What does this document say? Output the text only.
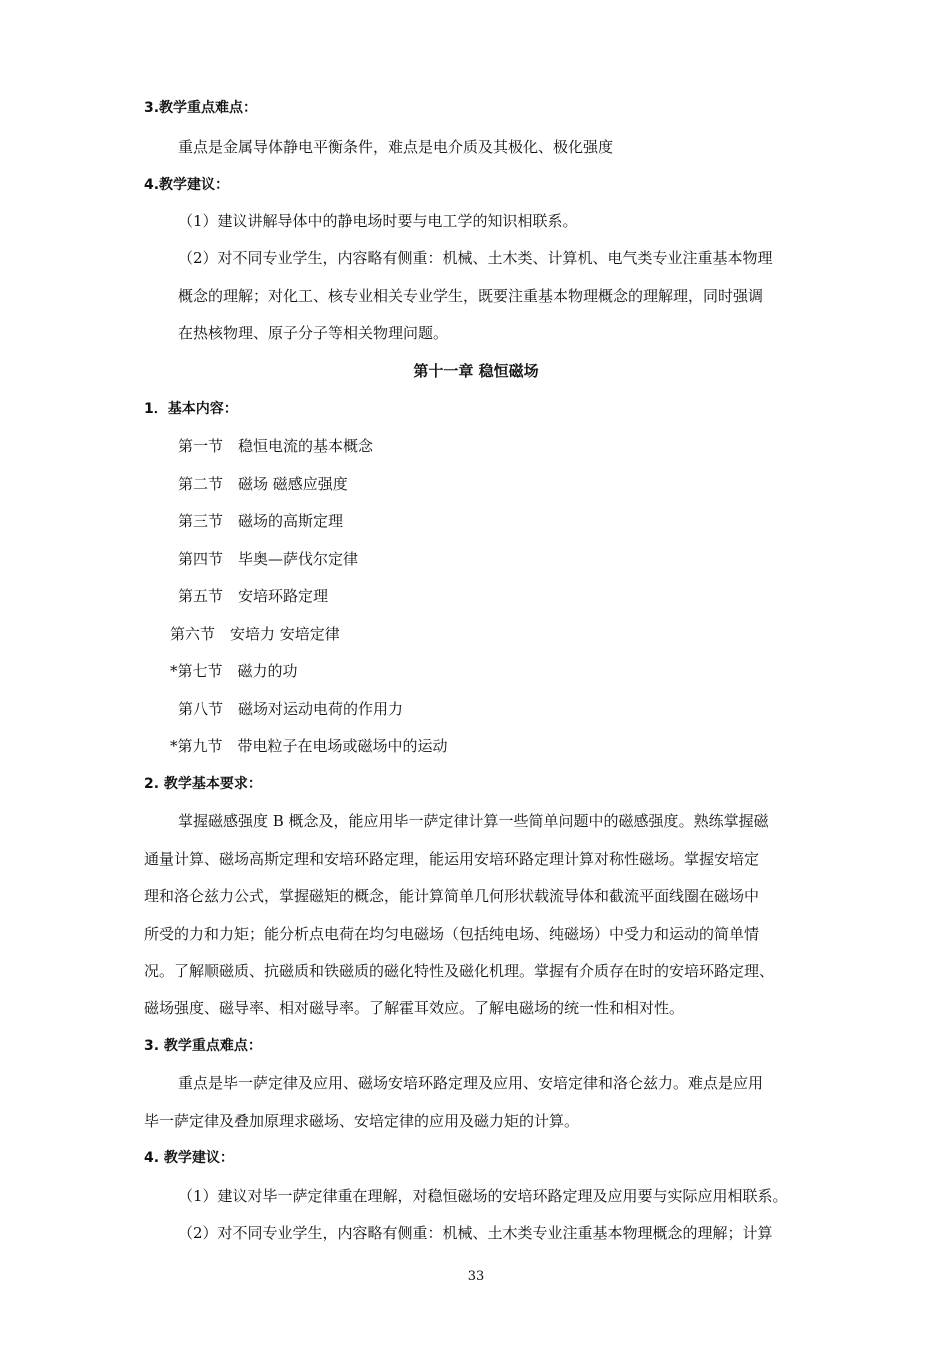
3.教学重点难点：
重点是金属导体静电平衡条件，难点是电介质及其极化、极化强度
4.教学建议：
（1）建议讲解导体中的静电场时要与电工学的知识相联系。
（2）对不同专业学生，内容略有侧重：机械、土木类、计算机、电气类专业注重基本物理
概念的理解；对化工、核专业相关专业学生，既要注重基本物理概念的理解理，同时强调
在热核物理、原子分子等相关物理问题。
第十一章 稳恒磁场
1．基本内容：
第一节　稳恒电流的基本概念
第二节　磁场 磁感应强度
第三节　磁场的高斯定理
第四节　毕奥—萨伐尔定律
第五节　安培环路定理
第六节　安培力 安培定律
*第七节　磁力的功
第八节　磁场对运动电荷的作用力
*第九节　带电粒子在电场或磁场中的运动
2. 教学基本要求：
掌握磁感强度 B 概念及，能应用毕一萨定律计算一些简单问题中的磁感强度。熟练掌握磁
通量计算、磁场高斯定理和安培环路定理，能运用安培环路定理计算对称性磁场。掌握安培定
理和洛仑兹力公式，掌握磁矩的概念，能计算简单几何形状载流导体和截流平面线圈在磁场中
所受的力和力矩；能分析点电荷在均匀电磁场（包括纯电场、纯磁场）中受力和运动的简单情
况。了解顺磁质、抗磁质和铁磁质的磁化特性及磁化机理。掌握有介质存在时的安培环路定理、
磁场强度、磁导率、相对磁导率。了解霍耳效应。了解电磁场的统一性和相对性。
3. 教学重点难点：
重点是毕一萨定律及应用、磁场安培环路定理及应用、安培定律和洛仑兹力。难点是应用
毕一萨定律及叠加原理求磁场、安培定律的应用及磁力矩的计算。
4. 教学建议：
（1）建议对毕一萨定律重在理解，对稳恒磁场的安培环路定理及应用要与实际应用相联系。
（2）对不同专业学生，内容略有侧重：机械、土木类专业注重基本物理概念的理解；计算
33
